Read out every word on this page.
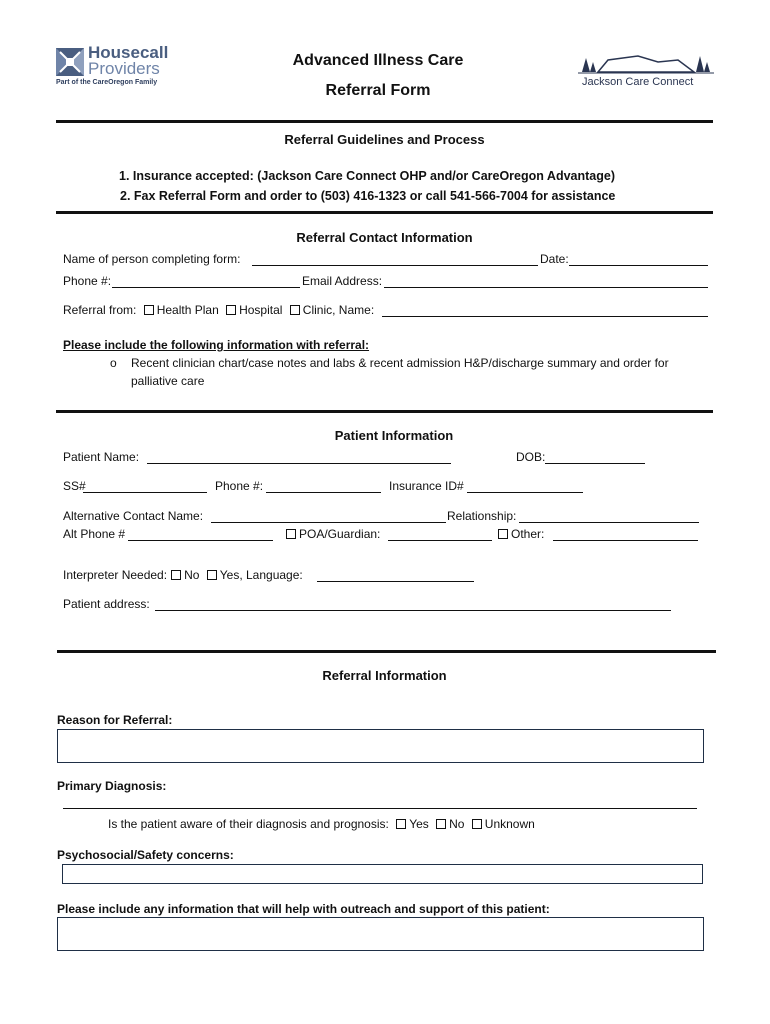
Housecall
Providers
Part of the CareOregon Family
Advanced Illness Care
Referral Form	Jackson Care Connect
Referral Guidelines and Process
1. Insurance accepted: (Jackson Care Connect OHP and/or CareOregon Advantage)
2. Fax Referral Form and order to (503) 416-1323 or call 541-566-7004 for assistance
Referral Contact Information
Name of person completing form:	Date:
Phone #:	Email Address:
Referral from: Health Plan Hospital Clinic, Name:
Please include the following information with referral:
o Recent clinician chart/case notes and labs & recent admission H&P/discharge summary and order for
palliative care
Patient Information
Patient Name:	DOB:
SS#	Phone #:	Insurance ID#
Alternative Contact Name:	Relationship:
Alt Phone #	POA/Guardian:	Other:
Interpreter Needed: No Yes, Language:
Patient address:
Referral Information
Reason for Referral:
Primary Diagnosis:
Is the patient aware of their diagnosis and prognosis: Yes No Unknown
Psychosocial/Safety concerns:
Please include any information that will help with outreach and support of this patient:
